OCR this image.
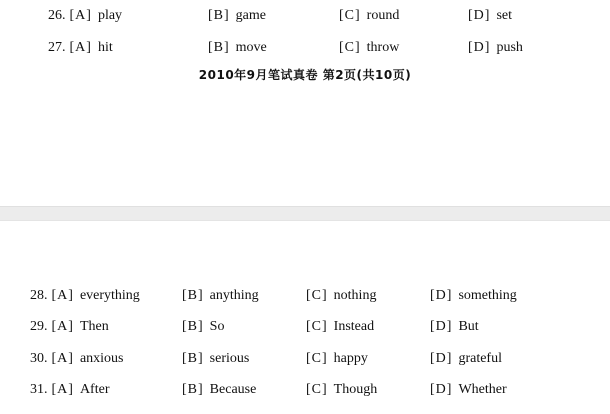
26. [A] play	[B] game	[C] round	[D] set
27. [A] hit	[B] move	[C] throw	[D] push
2010年9月笔试真卷 第2页(共10页)
28. [A] everything	[B] anything	[C] nothing	[D] something
29. [A] Then	[B] So	[C] Instead	[D] But
30. [A] anxious	[B] serious	[C] happy	[D] grateful
31. [A] After	[B] Because	[C] Though	[D] Whether
